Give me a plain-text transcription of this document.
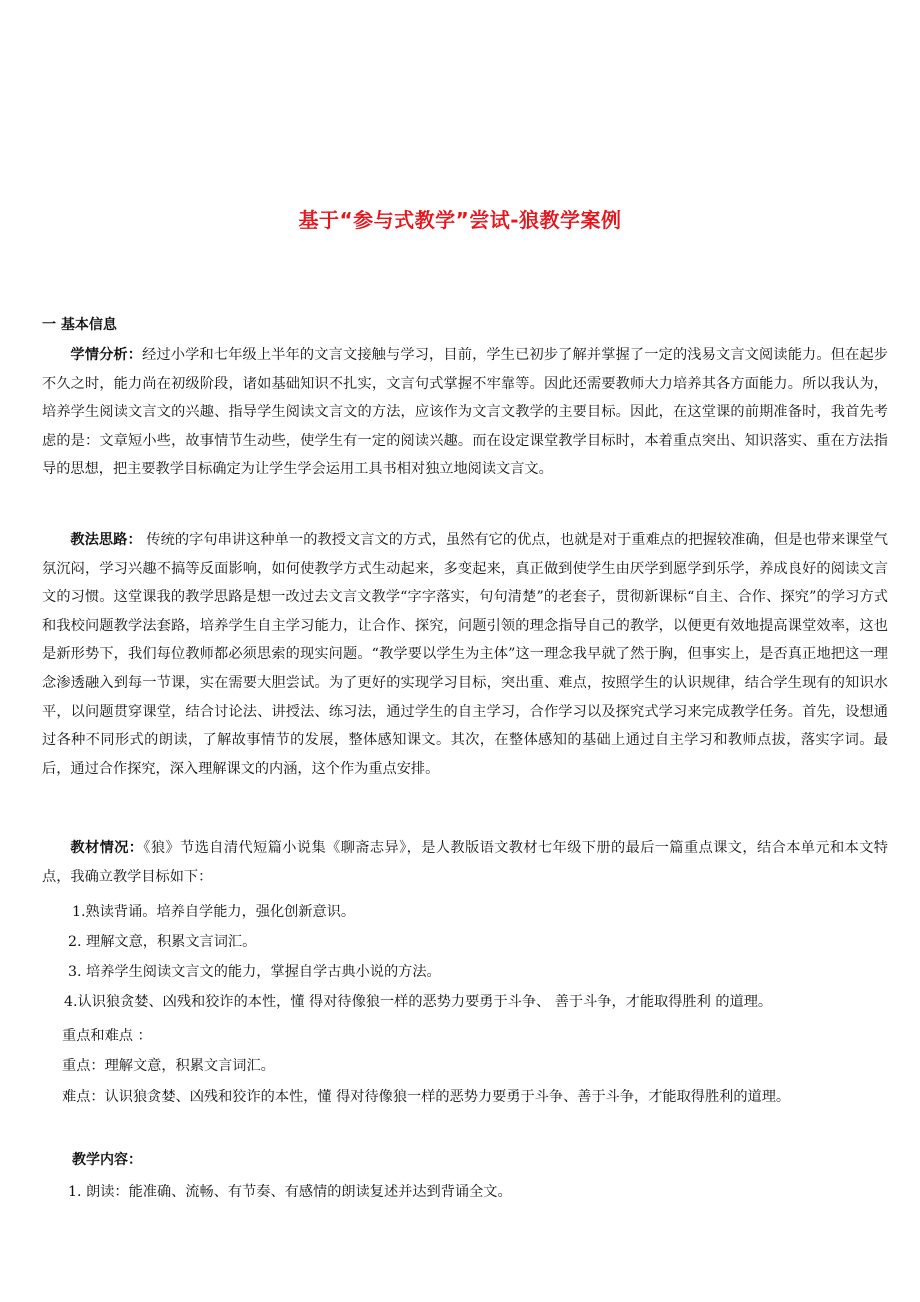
基于“参与式教学”尝试-狼教学案例
一 基本信息

学情分析：经过小学和七年级上半年的文言文接触与学习，目前，学生已初步了解并掌握了一定的浅易文言文阅读能力。但在起步不久之时，能力尚在初级阶段，诸如基础知识不扎实，文言句式掌握不牢靠等。因此还需要教师大力培养其各方面能力。所以我认为，培养学生阅读文言文的兴趣、指导学生阅读文言文的方法，应该作为文言文教学的主要目标。因此，在这堂课的前期准备时，我首先考虑的是：文章短小些，故事情节生动些，使学生有一定的阅读兴趣。而在设定课堂教学目标时，本着重点突出、知识落实、重在方法指导的思想，把主要教学目标确定为让学生学会运用工具书相对独立地阅读文言文。

教法思路： 传统的字句串讲这种单一的教授文言文的方式，虽然有它的优点，也就是对于重难点的把握较准确，但是也带来课堂气氛沉闷，学习兴趣不搞等反面影响，如何使教学方式生动起来，多变起来，真正做到使学生由厌学到愿学到乐学，养成良好的阅读文言文的习惯。这堂课我的教学思路是想一改过去文言文教学“字字落实，句句清楚”的老套子，贯彻新课标“自主、合作、探究”的学习方式和我校问题教学法套路，培养学生自主学习能力，让合作、探究，问题引领的理念指导自己的教学，以便更有效地提高课堂效率，这也是新形势下，我们每位教师都必须思索的现实问题。“教学要以学生为主体”这一理念我早就了然于胸，但事实上，是否真正地把这一理念渗透融入到每一节课，实在需要大胆尝试。为了更好的实现学习目标，突出重、难点，按照学生的认识规律，结合学生现有的知识水平，以问题贯穿课堂，结合讨论法、讲授法、练习法，通过学生的自主学习，合作学习以及探究式学习来完成教学任务。首先，设想通过各种不同形式的朗读，了解故事情节的发展，整体感知课文。其次，在整体感知的基础上通过自主学习和教师点拔，落实字词。最后，通过合作探究，深入理解课文的内涵，这个作为重点安排。

教材情况：《狼》节选自清代短篇小说集《聊斋志异》，是人教版语文教材七年级下册的最后一篇重点课文，结合本单元和本文特点，我确立教学目标如下：

1.熟读背诵。培养自学能力，强化创新意识。
2. 理解文意，积累文言词汇。
3. 培养学生阅读文言文的能力，掌握自学古典小说的方法。
4.认识狼贪婪、凶残和狡诈的本性，懂 得对待像狼一样的恶势力要勇于斗争、 善于斗争，才能取得胜利 的道理。
重点和难点 ：
重点：理解文意，积累文言词汇。

难点：认识狼贪婪、凶残和狡诈的本性，懂 得对待像狼一样的恶势力要勇于斗争、善于斗争，才能取得胜利的道理。

教学内容：
1. 朗读：能准确、流畅、有节奏、有感情的朗读复述并达到背诵全文。
